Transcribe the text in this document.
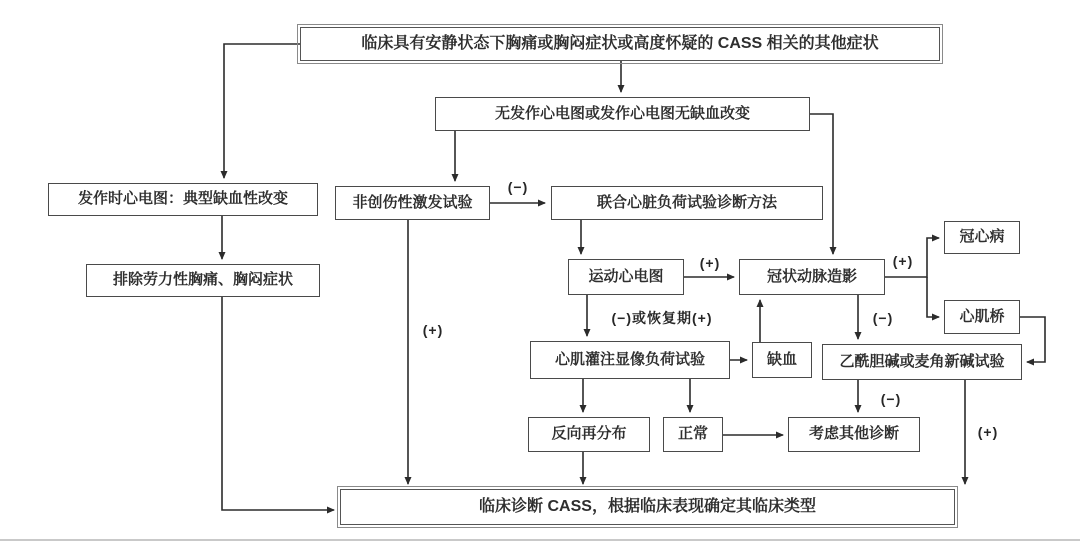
临床具有安静状态下胸痛或胸闷症状或高度怀疑的 CASS 相关的其他症状
无发作心电图或发作心电图无缺血改变
发作时心电图：典型缺血性改变
排除劳力性胸痛、胸闷症状
非创伤性激发试验	联合心脏负荷试验诊断方法
运动心电图	冠状动脉造影
冠心病
心肌桥
心肌灌注显像负荷试验	缺血	乙酰胆碱或麦角新碱试验
反向再分布	正常	考虑其他诊断
临床诊断 CASS，根据临床表现确定其临床类型
(−)
(+)	(+)
(−)或恢复期(+)
(+)
(−)
(−)
(+)
